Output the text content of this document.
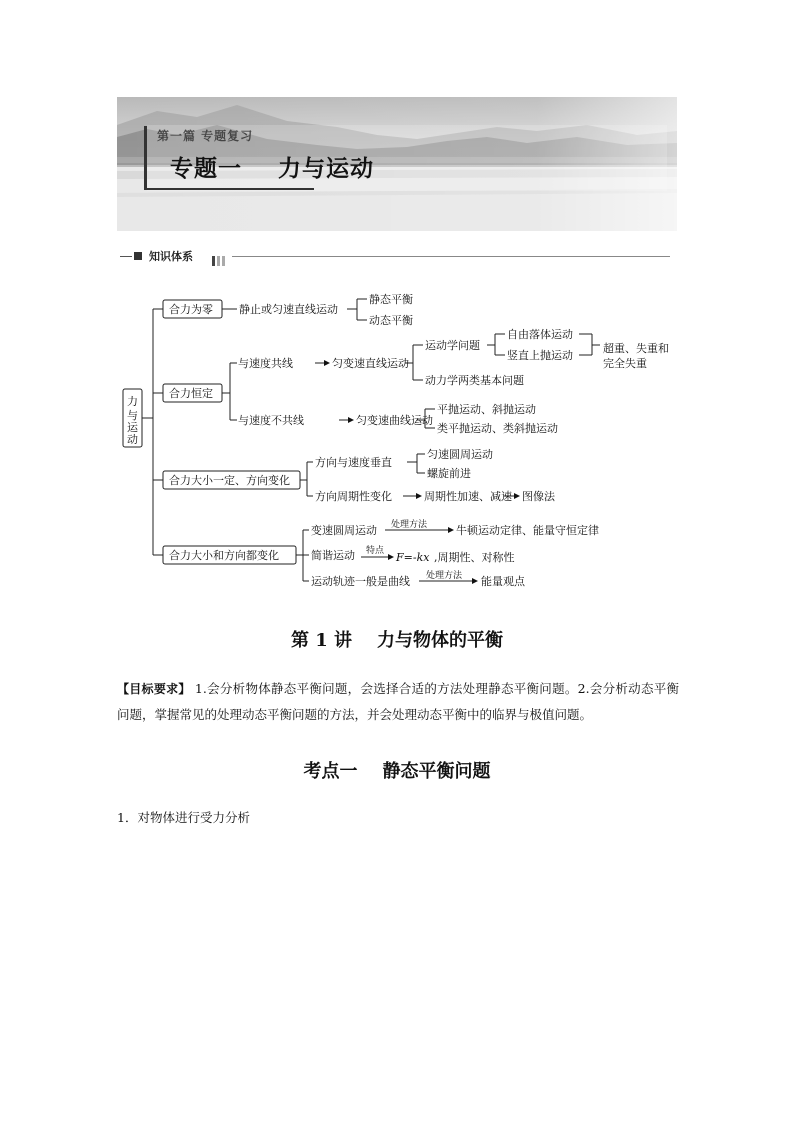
第一篇 专题复习
专题一    力与运动
知识体系
力
与
运
动
合力为零 静止或匀速直线运动
静态平衡
动态平衡
合力恒定
与速度共线	匀变速直线运动
运动学问题
自由落体运动
竖直上抛运动
超重、失重和
完全失重
动力学两类基本问题
与速度不共线	匀变速曲线运动
平抛运动、斜抛运动
类平抛运动、类斜抛运动
合力大小一定、方向变化
方向与速度垂直
匀速圆周运动
螺旋前进
方向周期性变化	周期性加速、减速 图像法
合力大小和方向都变化
变速圆周运动 处理方法	牛顿运动定律、能量守恒定律
简谐运动 特点 F=-kx ,周期性、对称性
运动轨迹一般是曲线 处理方法 能量观点
第 1 讲    力与物体的平衡
【目标要求】 1.会分析物体静态平衡问题，会选择合适的方法处理静态平衡问题。2.会分析动态平衡问题，掌握常见的处理动态平衡问题的方法，并会处理动态平衡中的临界与极值问题。
考点一    静态平衡问题
1．对物体进行受力分析
